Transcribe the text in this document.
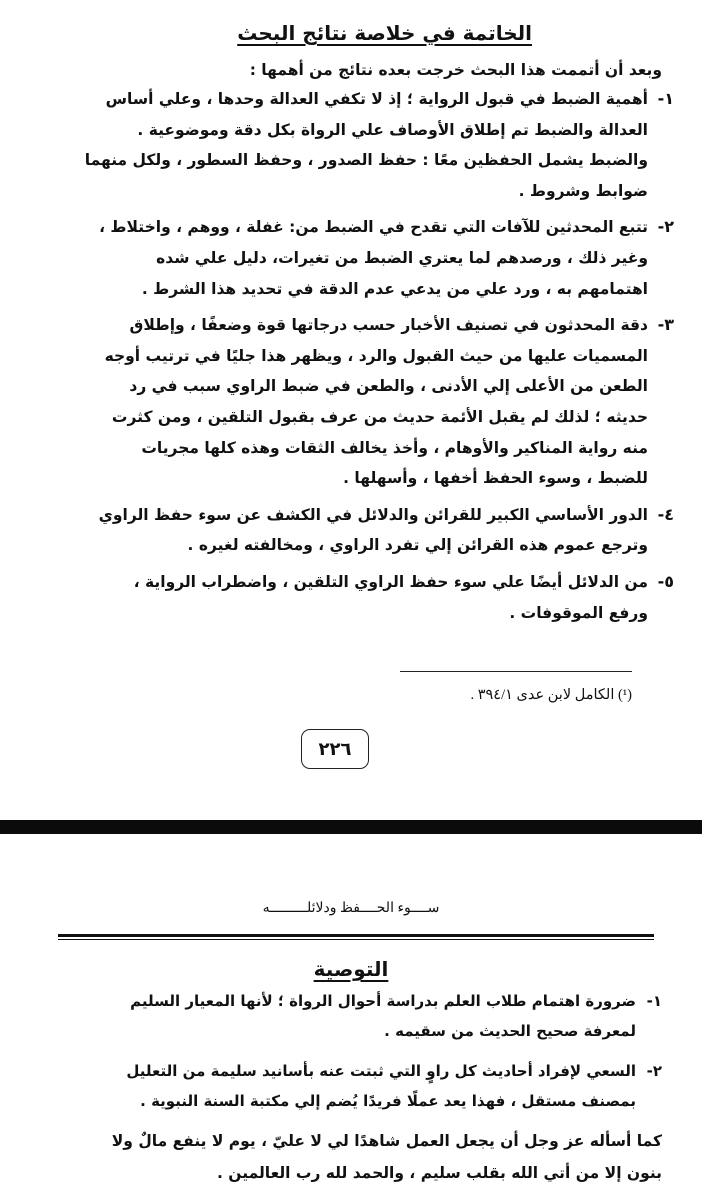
الخاتمة في خلاصة نتائج البحث
وبعد أن أتممت هذا البحث خرجت بعده نتائج من أهمها :
١-
أهمية الضبط في قبول الرواية ؛ إذ لا تكفي العدالة وحدها ، وعلي أساس
العدالة والضبط تم إطلاق الأوصاف علي الرواة بكل دقة وموضوعية .
والضبط يشمل الحفظين معًا : حفظ الصدور ، وحفظ السطور ، ولكل منهما
ضوابط وشروط .
٢-
تتبع المحدثين للآفات التي تقدح في الضبط من: غفلة ، ووهم ، واختلاط ،
وغير ذلك ، ورصدهم لما يعتري الضبط من تغيرات، دليل علي شده
اهتمامهم به ، ورد علي من يدعي عدم الدقة في تحديد هذا الشرط .
٣-
دقة المحدثون في تصنيف الأخبار حسب درجاتها قوة وضعفًا ، وإطلاق
المسميات عليها من حيث القبول والرد ، ويظهر هذا جليًا في ترتيب أوجه
الطعن من الأعلى إلي الأدنى ، والطعن في ضبط الراوي سبب في رد
حديثه ؛ لذلك لم يقبل الأئمة حديث من عرف بقبول التلقين ، ومن كثرت
منه رواية المناكير والأوهام ، وأخذ يخالف الثقات وهذه كلها مجريات
للضبط ، وسوء الحفظ أخفها ، وأسهلها .
٤-
الدور الأساسي الكبير للقرائن والدلائل في الكشف عن سوء حفظ الراوي
وترجع عموم هذه القرائن إلي تفرد الراوي ، ومخالفته لغيره .
٥-
من الدلائل أيضًا علي سوء حفظ الراوي التلقين ، واضطراب الرواية ،
ورفع الموقوفات .
(¹) الكامل لابن عدى ٣٩٤/١ .
٢٢٦
ســــوء الحــــفظ ودلائلـــــــــه
التوصية
١-
ضرورة اهتمام طلاب العلم بدراسة أحوال الرواة ؛ لأنها المعيار السليم
لمعرفة صحيح الحديث من سقيمه .
٢-
السعي لإفراد أحاديث كل راوٍ التي ثبتت عنه بأسانيد سليمة من التعليل
بمصنف مستقل ، فهذا يعد عملًا فريدًا يُضم إلي مكتبة السنة النبوية .
كما أسأله عز وجل أن يجعل العمل شاهدًا لي لا عليّ ، يوم لا ينفع مالٌ ولا
بنون إلا من أتي الله بقلب سليم ، والحمد لله رب العالمين .
